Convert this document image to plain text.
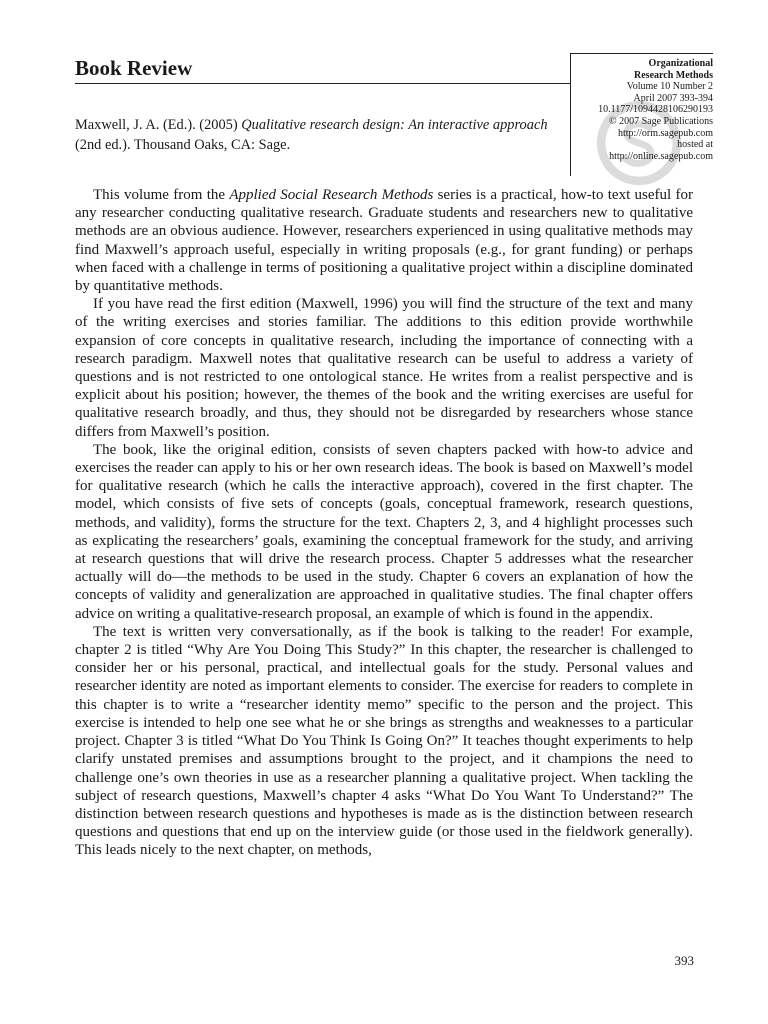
Book Review	Organizational
Research Methods
Volume 10 Number 2
April 2007 393-394
10.1177/1094428106290193
© 2007 Sage Publications
http://orm.sagepub.com
hosted at
http://online.sagepub.com

Maxwell, J. A. (Ed.). (2005) Qualitative research design: An interactive approach (2nd ed.). Thousand Oaks, CA: Sage.

This volume from the Applied Social Research Methods series is a practical, how-to text useful for any researcher conducting qualitative research. Graduate students and researchers new to qualitative methods are an obvious audience. However, researchers experienced in using qualitative methods may find Maxwell’s approach useful, especially in writing proposals (e.g., for grant funding) or perhaps when faced with a challenge in terms of positioning a qualitative project within a discipline dominated by quantitative methods.

If you have read the first edition (Maxwell, 1996) you will find the structure of the text and many of the writing exercises and stories familiar. The additions to this edition provide worthwhile expansion of core concepts in qualitative research, including the importance of connecting with a research paradigm. Maxwell notes that qualitative research can be useful to address a variety of questions and is not restricted to one ontological stance. He writes from a realist perspective and is explicit about his position; however, the themes of the book and the writing exercises are useful for qualitative research broadly, and thus, they should not be disregarded by researchers whose stance differs from Maxwell’s position.

The book, like the original edition, consists of seven chapters packed with how-to advice and exercises the reader can apply to his or her own research ideas. The book is based on Maxwell’s model for qualitative research (which he calls the interactive approach), covered in the first chapter. The model, which consists of five sets of concepts (goals, conceptual framework, research questions, methods, and validity), forms the structure for the text. Chapters 2, 3, and 4 highlight processes such as explicating the researchers’ goals, examining the conceptual framework for the study, and arriving at research questions that will drive the research process. Chapter 5 addresses what the researcher actually will do—the methods to be used in the study. Chapter 6 covers an explanation of how the concepts of validity and generalization are approached in qualitative studies. The final chapter offers advice on writing a qualitative-research proposal, an example of which is found in the appendix.

The text is written very conversationally, as if the book is talking to the reader! For example, chapter 2 is titled “Why Are You Doing This Study?” In this chapter, the researcher is challenged to consider her or his personal, practical, and intellectual goals for the study. Personal values and researcher identity are noted as important elements to consider. The exercise for readers to complete in this chapter is to write a “researcher identity memo” specific to the person and the project. This exercise is intended to help one see what he or she brings as strengths and weaknesses to a particular project. Chapter 3 is titled “What Do You Think Is Going On?” It teaches thought experiments to help clarify unstated premises and assumptions brought to the project, and it champions the need to challenge one’s own theories in use as a researcher planning a qualitative project. When tackling the subject of research questions, Maxwell’s chapter 4 asks “What Do You Want To Understand?” The distinction between research questions and hypotheses is made as is the distinction between research questions and questions that end up on the interview guide (or those used in the fieldwork generally). This leads nicely to the next chapter, on methods,

393
